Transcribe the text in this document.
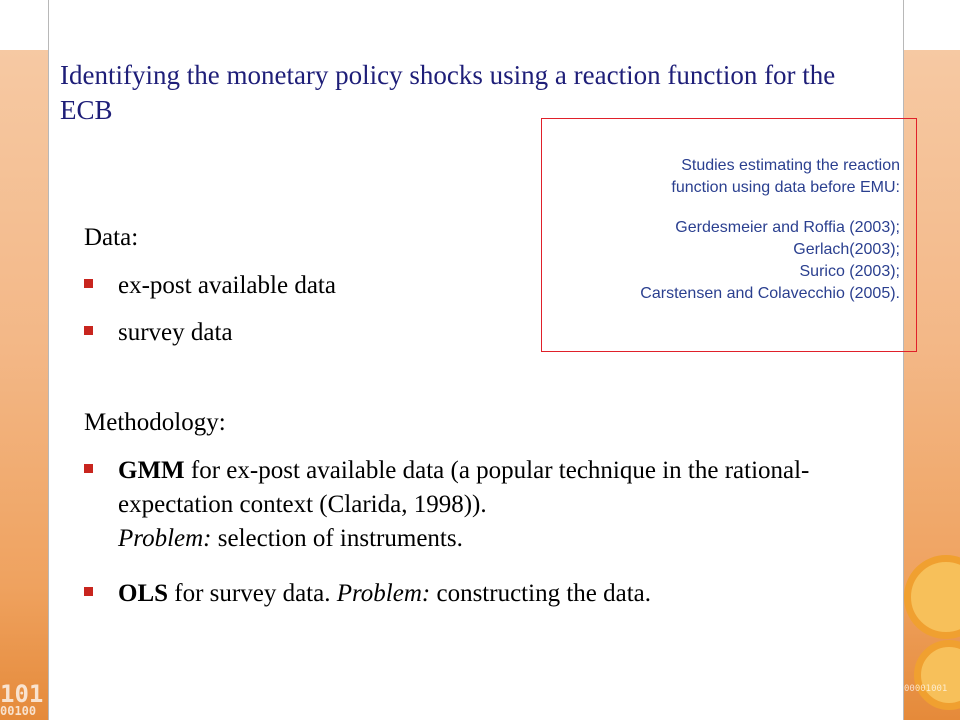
101
00100
00001001
Identifying the monetary policy shocks using a reaction function for the ECB
Studies estimating the reaction
function using data before EMU:
Gerdesmeier and Roffia (2003);
Gerlach(2003);
Surico (2003);
Carstensen and Colavecchio (2005).
Data:
ex-post available data
survey data
Methodology:
GMM for ex-post available data (a popular technique in the rational-expectation context (Clarida, 1998)).
Problem: selection of instruments.
OLS for survey data. Problem: constructing the data.
